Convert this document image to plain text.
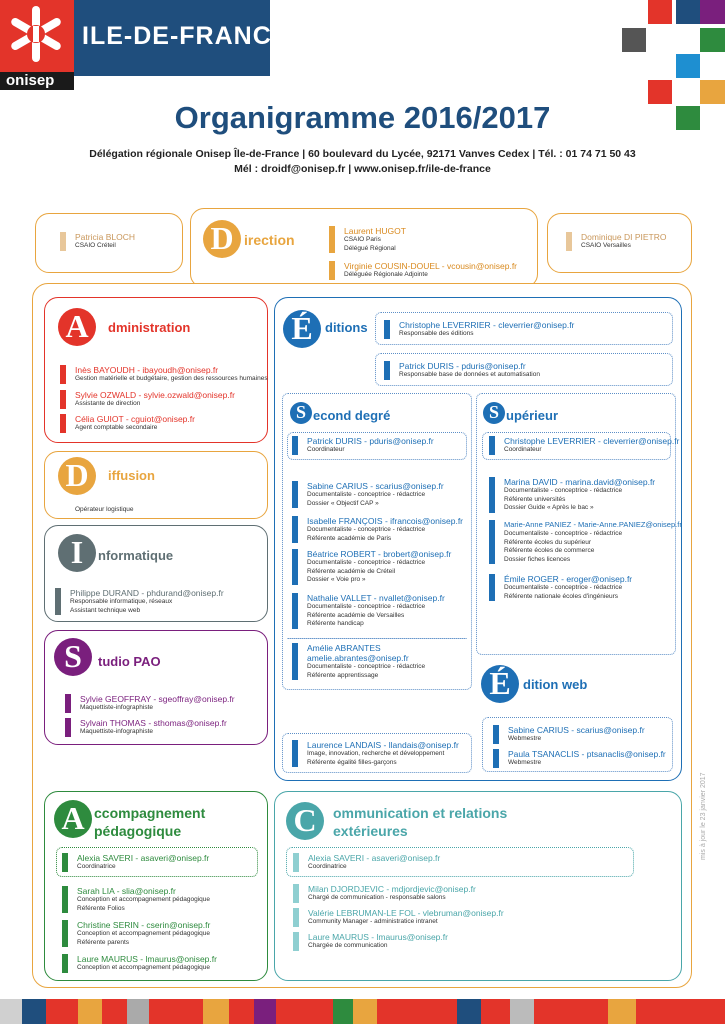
onisep
ILE-DE-FRANCE
Organigramme 2016/2017
Délégation régionale Onisep Île-de-France | 60 boulevard du Lycée, 92171 Vanves Cedex | Tél. : 01 74 71 50 43
Mél : droidf@onisep.fr | www.onisep.fr/ile-de-france
Patricia BLOCH
CSAIO Créteil
Dominique DI PIETRO
CSAIO Versailles
D irection
Laurent HUGOT
CSAIO Paris
Délégué Régional
Virginie COUSIN-DOUEL - vcousin@onisep.fr
Déléguée Régionale Adjointe
A	dministration
Inès BAYOUDH - ibayoudh@onisep.fr
Gestion matérielle et budgétaire, gestion des ressources humaines
Sylvie OZWALD - sylvie.ozwald@onisep.fr
Assistante de direction
Célia GUIOT - cguiot@onisep.fr
Agent comptable secondaire
D	iffusion
Opérateur logistique
I	nformatique
Philippe DURAND - phdurand@onisep.fr
Responsable informatique, réseaux
Assistant technique web
S	tudio PAO
Sylvie GEOFFRAY - sgeoffray@onisep.fr
Maquettiste-infographiste
Sylvain THOMAS - sthomas@onisep.fr
Maquettiste-infographiste
É ditions	Christophe LEVERRIER - cleverrier@onisep.fr
Responsable des éditions
Patrick DURIS - pduris@onisep.fr
Responsable base de données et automatisation
S econd degré
Patrick DURIS - pduris@onisep.fr
Coordinateur
Sabine CARIUS - scarius@onisep.fr
Documentaliste - conceptrice - rédactrice
Dossier « Objectif CAP »
Isabelle FRANÇOIS - ifrancois@onisep.fr
Documentaliste - conceptrice - rédactrice
Référente académie de Paris
Béatrice ROBERT - brobert@onisep.fr
Documentaliste - conceptrice - rédactrice
Référente académie de Créteil
Dossier « Voie pro »
Nathalie VALLET - nvallet@onisep.fr
Documentaliste - conceptrice - rédactrice
Référente académie de Versailles
Référente handicap
Amélie ABRANTES
amelie.abrantes@onisep.fr
Documentaliste - conceptrice - rédactrice
Référente apprentissage
S upérieur
Christophe LEVERRIER - cleverrier@onisep.fr
Coordinateur
Marina DAVID - marina.david@onisep.fr
Documentaliste - conceptrice - rédactrice
Référente universités
Dossier Guide « Après le bac »
Marie-Anne PANIEZ - Marie-Anne.PANIEZ@onisep.fr
Documentaliste - conceptrice - rédactrice
Référente écoles du supérieur
Référente écoles de commerce
Dossier fiches licences
Émile ROGER - eroger@onisep.fr
Documentaliste - conceptrice - rédactrice
Référente nationale écoles d'ingénieurs
É dition web
Sabine CARIUS - scarius@onisep.fr
Webmestre
Paula TSANACLIS - ptsanaclis@onisep.fr
Webmestre
Laurence LANDAIS - llandais@onisep.fr
Image, innovation, recherche et développement
Référente égalité filles-garçons
A ccompagnement
pédagogique
Alexia SAVERI - asaveri@onisep.fr
Coordinatrice
Sarah LIA - slia@onisep.fr
Conception et accompagnement pédagogique
Référente Folios
Christine SERIN - cserin@onisep.fr
Conception et accompagnement pédagogique
Référente parents
Laure MAURUS - lmaurus@onisep.fr
Conception et accompagnement pédagogique
C	ommunication et relations
extérieures
Alexia SAVERI - asaveri@onisep.fr
Coordinatrice
Milan DJORDJEVIC - mdjordjevic@onisep.fr
Chargé de communication - responsable salons
Valérie LEBRUMAN-LE FOL - vlebruman@onisep.fr
Community Manager - administratice intranet
Laure MAURUS - lmaurus@onisep.fr
Chargée de communication
mis à jour le 23 janvier 2017
